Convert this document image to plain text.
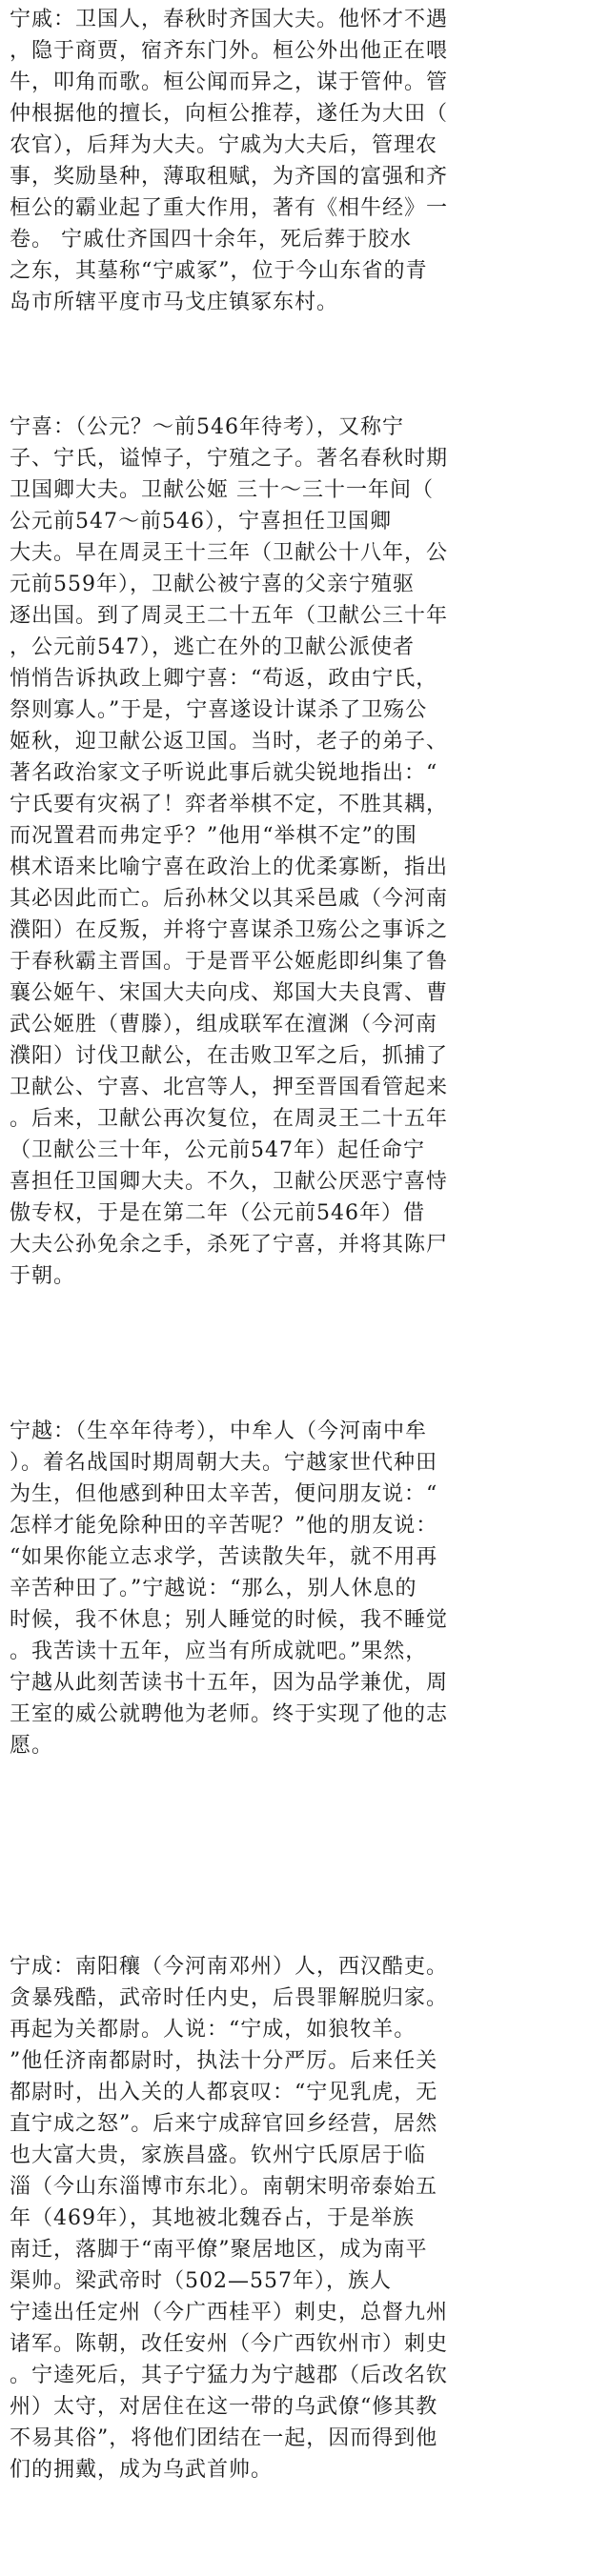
宁戚：卫国人，春秋时齐国大夫。他怀才不遇
，隐于商贾，宿齐东门外。桓公外出他正在喂
牛，叩角而歌。桓公闻而异之，谋于管仲。管
仲根据他的擅长，向桓公推荐，遂任为大田（
农官），后拜为大夫。宁戚为大夫后，管理农
事，奖励垦种，薄取租赋，为齐国的富强和齐
桓公的霸业起了重大作用，著有《相牛经》一
卷。 宁戚仕齐国四十余年，死后葬于胶水
之东，其墓称“宁戚冢”，位于今山东省的青
岛市所辖平度市马戈庄镇冢东村。
宁喜：（公元？～前546年待考），又称宁
子、宁氏，谥悼子，宁殖之子。著名春秋时期
卫国卿大夫。卫献公姬 三十～三十一年间（
公元前547～前546），宁喜担任卫国卿
大夫。早在周灵王十三年（卫献公十八年，公
元前559年），卫献公被宁喜的父亲宁殖驱
逐出国。到了周灵王二十五年（卫献公三十年
，公元前547），逃亡在外的卫献公派使者
悄悄告诉执政上卿宁喜：“苟返，政由宁氏，
祭则寡人。”于是，宁喜遂设计谋杀了卫殇公
姬秋，迎卫献公返卫国。当时，老子的弟子、
著名政治家文子听说此事后就尖锐地指出：“
宁氏要有灾祸了！弈者举棋不定，不胜其耦，
而况置君而弗定乎？”他用“举棋不定”的围
棋术语来比喻宁喜在政治上的优柔寡断，指出
其必因此而亡。后孙林父以其采邑戚（今河南
濮阳）在反叛，并将宁喜谋杀卫殇公之事诉之
于春秋霸主晋国。于是晋平公姬彪即纠集了鲁
襄公姬午、宋国大夫向戌、郑国大夫良霄、曹
武公姬胜（曹滕），组成联军在澶渊（今河南
濮阳）讨伐卫献公，在击败卫军之后，抓捕了
卫献公、宁喜、北宫等人，押至晋国看管起来
。后来，卫献公再次复位，在周灵王二十五年
（卫献公三十年，公元前547年）起任命宁
喜担任卫国卿大夫。不久，卫献公厌恶宁喜恃
傲专权，于是在第二年（公元前546年）借
大夫公孙免余之手，杀死了宁喜，并将其陈尸
于朝。
宁越：（生卒年待考），中牟人（今河南中牟
）。着名战国时期周朝大夫。宁越家世代种田
为生，但他感到种田太辛苦，便问朋友说：“
怎样才能免除种田的辛苦呢？”他的朋友说：
“如果你能立志求学，苦读散失年，就不用再
辛苦种田了。”宁越说：“那么，别人休息的
时候，我不休息；别人睡觉的时候，我不睡觉
。我苦读十五年，应当有所成就吧。”果然，
宁越从此刻苦读书十五年，因为品学兼优，周
王室的威公就聘他为老师。终于实现了他的志
愿。
宁成：南阳穰（今河南邓州）人，西汉酷吏。
贪暴残酷，武帝时任内史，后畏罪解脱归家。
再起为关都尉。人说：“宁成，如狼牧羊。
”他任济南都尉时，执法十分严厉。后来任关
都尉时，出入关的人都哀叹：“宁见乳虎，无
直宁成之怒”。后来宁成辞官回乡经营，居然
也大富大贵，家族昌盛。钦州宁氏原居于临
淄（今山东淄博市东北）。南朝宋明帝泰始五
年（469年），其地被北魏吞占，于是举族
南迁，落脚于“南平僚”聚居地区，成为南平
渠帅。梁武帝时（502—557年），族人
宁逵出任定州（今广西桂平）刺史，总督九州
诸军。陈朝，改任安州（今广西钦州市）刺史
。宁逵死后，其子宁猛力为宁越郡（后改名钦
州）太守，对居住在这一带的乌武僚“修其教
不易其俗”，将他们团结在一起，因而得到他
们的拥戴，成为乌武首帅。
